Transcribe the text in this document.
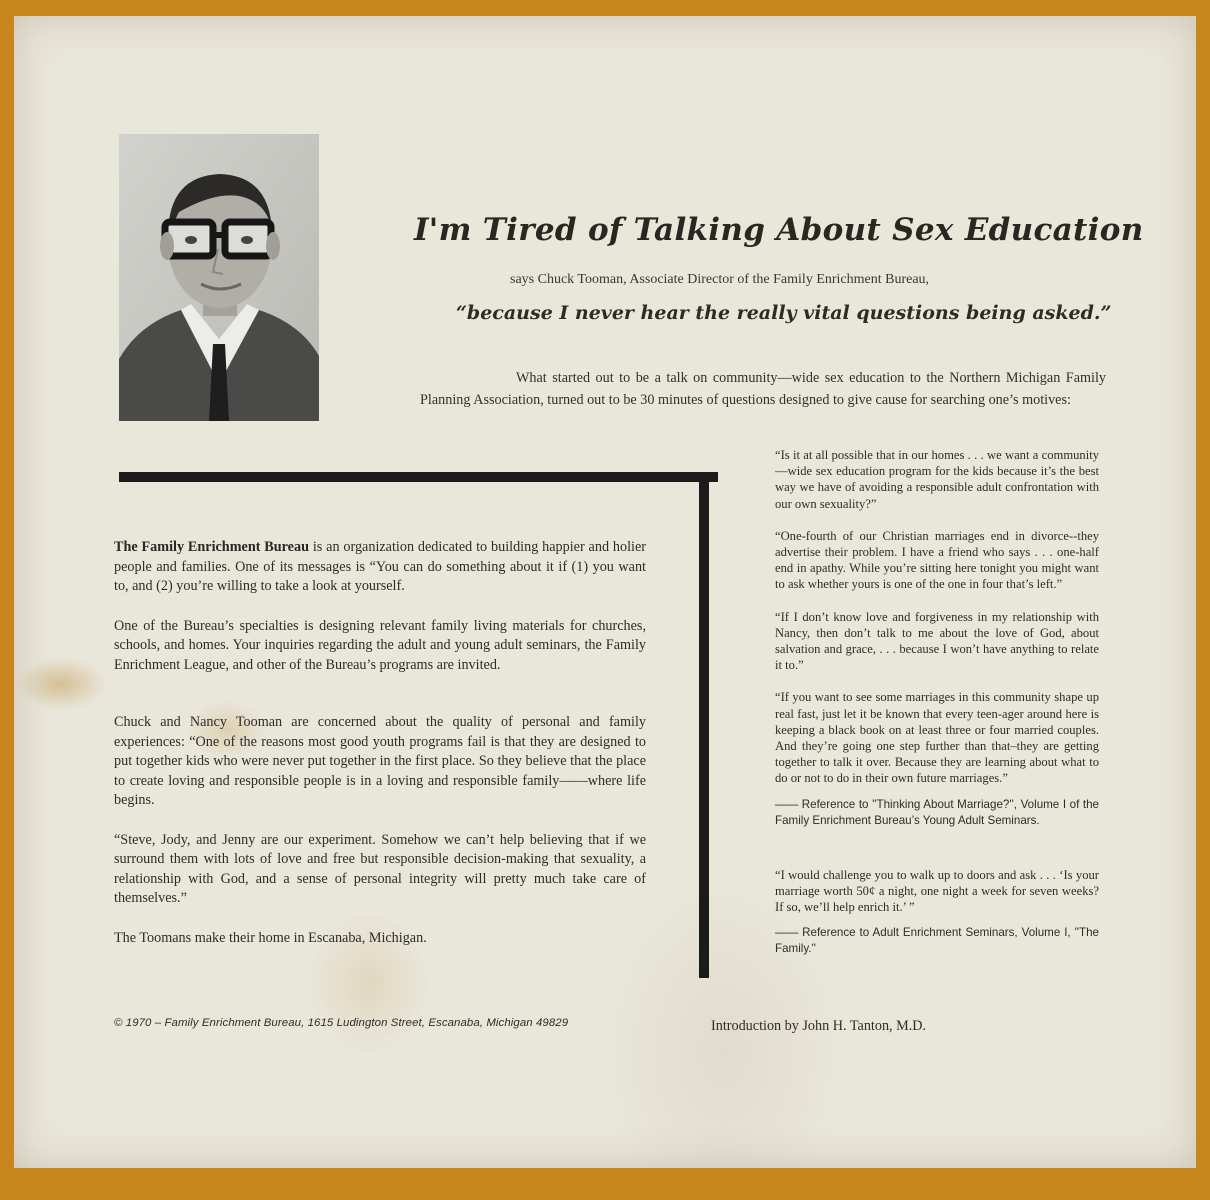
I'm Tired of Talking About Sex Education
says Chuck Tooman, Associate Director of the Family Enrichment Bureau,
“because I never hear the really vital questions being asked.”
What started out to be a talk on community—wide sex education to the Northern Michigan Family Planning Association, turned out to be 30 minutes of questions designed to give cause for searching one’s motives:

The Family Enrichment Bureau is an organization dedicated to building happier and holier people and families. One of its messages is “You can do something about it if (1) you want to, and (2) you’re willing to take a look at yourself.

One of the Bureau’s specialties is designing relevant family living materials for churches, schools, and homes. Your inquiries regarding the adult and young adult seminars, the Family Enrichment League, and other of the Bureau’s programs are invited.

Chuck and Nancy Tooman are concerned about the quality of personal and family experiences: “One of the reasons most good youth programs fail is that they are designed to put together kids who were never put together in the first place. So they believe that the place to create loving and responsible people is in a loving and responsible family——where life begins.

“Steve, Jody, and Jenny are our experiment. Somehow we can’t help believing that if we surround them with lots of love and free but responsible decision-making that sexuality, a relationship with God, and a sense of personal integrity will pretty much take care of themselves.”

The Toomans make their home in Escanaba, Michigan.

“Is it at all possible that in our homes . . . we want a community—wide sex education program for the kids because it’s the best way we have of avoiding a responsible adult confrontation with our own sexuality?”

“One-fourth of our Christian marriages end in divorce--they advertise their problem. I have a friend who says . . . one-half end in apathy. While you’re sitting here tonight you might want to ask whether yours is one of the one in four that’s left.”

“If I don’t know love and forgiveness in my relationship with Nancy, then don’t talk to me about the love of God, about salvation and grace, . . . because I won’t have anything to relate it to.”

“If you want to see some marriages in this community shape up real fast, just let it be known that every teen-ager around here is keeping a black book on at least three or four married couples. And they’re going one step further than that–they are getting together to talk it over. Because they are learning about what to do or not to do in their own future marriages.”

—— Reference to ''Thinking About Marriage?'', Volume I of the Family Enrichment Bureau’s Young Adult Seminars.

“I would challenge you to walk up to doors and ask . . . ‘Is your marriage worth 50¢ a night, one night a week for seven weeks? If so, we’ll help enrich it.’ ”

—— Reference to Adult Enrichment Seminars, Volume I, ''The Family.''

© 1970 – Family Enrichment Bureau, 1615 Ludington Street, Escanaba, Michigan 49829	Introduction by John H. Tanton, M.D.
